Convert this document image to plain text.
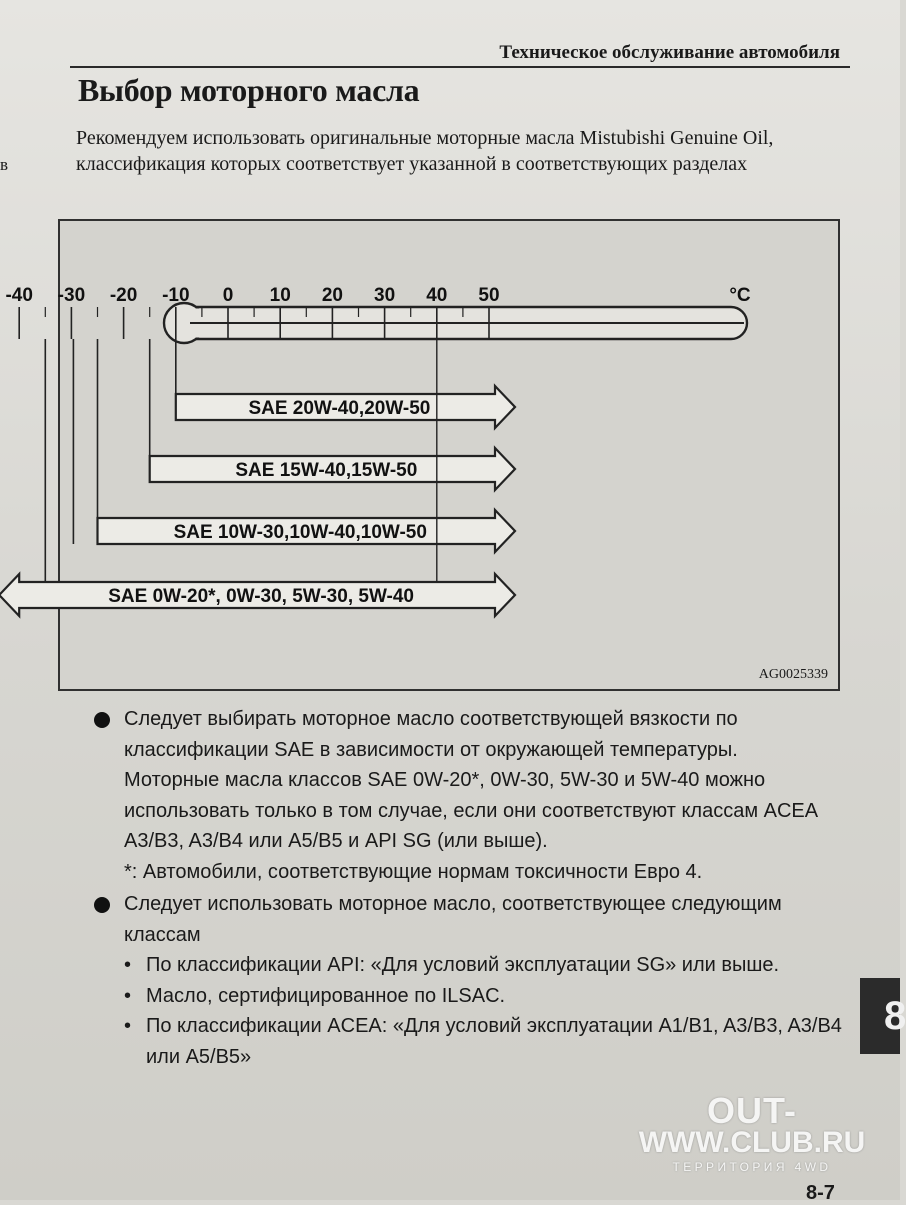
Техническое обслуживание автомобиля
в
Выбор моторного масла

Рекомендуем использовать оригинальные моторные масла Mistubishi Genuine Oil, классификация которых соответствует указанной в соответствующих разделах

-40 -30 -20 -10 0 10 20 30 40 50	°C
SAE 20W-40,20W-50
SAE 15W-40,15W-50
SAE 10W-30,10W-40,10W-50
SAE 0W-20*, 0W-30, 5W-30, 5W-40
AG0025339
Следует выбирать моторное масло соответствующей вязкости по классификации SAE в зависимости от окружающей температуры.
Моторные масла классов SAE 0W-20*, 0W-30, 5W-30 и 5W-40 можно использовать только в том случае, если они соответствуют классам ACEA A3/B3, A3/B4 или A5/B5 и API SG (или выше).
*: Автомобили, соответствующие нормам токсичности Евро 4.
Следует использовать моторное масло, соответствующее следующим классам
• По классификации API: «Для условий эксплуатации SG» или выше.
• Масло, сертифицированное по ILSAC.
• По классификации ACEA: «Для условий эксплуатации A1/B1, A3/B3, A3/B4 или A5/B5»
8
OUT-
WWW.CLUB.RU
ТЕРРИТОРИЯ 4WD
8-7
